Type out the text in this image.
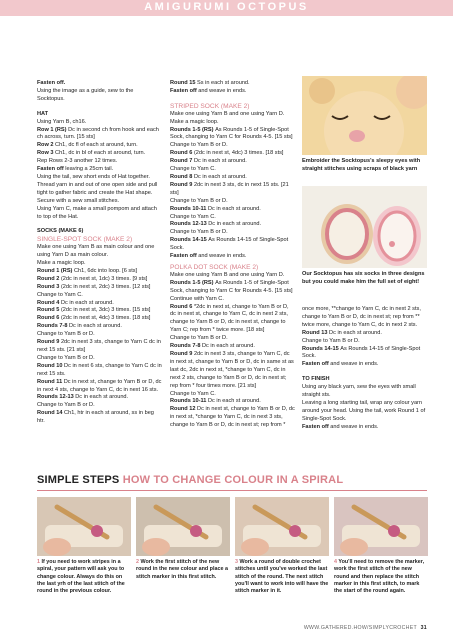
AMIGURUMI OCTOPUS

Fasten off.

Using the image as a guide, sew to the Socktopus.

HAT

Using Yarn B, ch16.

Row 1 (RS) Dc in second ch from hook and each ch across, turn. [15 sts]

Row 2 Ch1, dc fl of each st around, turn.

Row 3 Ch1, dc in bl of each st around, turn.

Rep Rows 2-3 another 12 times.

Fasten off leaving a 25cm tail.

Using the tail, sew short ends of Hat together. Thread yarn in and out of one open side and pull tight to gather fabric and create the Hat shape. Secure with a sew small stitches.

Using Yarn C, make a small pompom and attach to top of the Hat.

SOCKS (MAKE 6)

SINGLE-SPOT SOCK (MAKE 2)

Make one using Yarn B as main colour and one using Yarn D as main colour.

Make a magic loop.

Round 1 (RS) Ch1, 6dc into loop. [6 sts]

Round 2 (2dc in next st, 1dc) 3 times. [9 sts]

Round 3 (2dc in next st, 2dc) 3 times. [12 sts]

Change to Yarn C.

Round 4 Dc in each st around.

Round 5 (2dc in next st, 3dc) 3 times. [15 sts]

Round 6 (2dc in next st, 4dc) 3 times. [18 sts]

Rounds 7-8 Dc in each st around.

Change to Yarn B or D.

Round 9 2dc in next 3 sts, change to Yarn C dc in next 15 sts. [21 sts]

Change to Yarn B or D.

Round 10 Dc in next 6 sts, change to Yarn C dc in next 15 sts.

Round 11 Dc in next st, change to Yarn B or D, dc in next 4 sts, change to Yarn C, dc in next 16 sts.

Rounds 12-13 Dc in each st around.

Change to Yarn B or D.

Round 14 Ch1, htr in each st around, ss in beg htr.

Round 15 Ss in each st around.

Fasten off and weave in ends.

STRIPED SOCK (MAKE 2)

Make one using Yarn B and one using Yarn D.

Make a magic loop.

Rounds 1-5 (RS) As Rounds 1-5 of Single-Spot Sock, changing to Yarn C for Rounds 4-5. [15 sts]

Change to Yarn B or D.

Round 6 (2dc in next st, 4dc) 3 times. [18 sts]

Round 7 Dc in each st around.

Change to Yarn C.

Round 8 Dc in each st around.

Round 9 2dc in next 3 sts, dc in next 15 sts. [21 sts]

Change to Yarn B or D.

Rounds 10-11 Dc in each st around.

Change to Yarn C.

Rounds 12-13 Dc in each st around.

Change to Yarn B or D.

Rounds 14-15 As Rounds 14-15 of Single-Spot Sock.

Fasten off and weave in ends.

POLKA DOT SOCK (MAKE 2)

Make one using Yarn B and one using Yarn D.

Rounds 1-5 (RS) As Rounds 1-5 of Single-Spot Sock, changing to Yarn C for Rounds 4-5. [15 sts] Continue with Yarn C.

Round 6 *2dc in next st, change to Yarn B or D, dc in next st, change to Yarn C, dc in next 2 sts, change to Yarn B or D, dc in next st, change to Yarn C; rep from * twice more. [18 sts]

Change to Yarn B or D.

Rounds 7-8 Dc in each st around.

Round 9 2dc in next 3 sts, change to Yarn C, dc in next st, change to Yarn B or D, dc in same st as last dc, 2dc in next st, *change to Yarn C, dc in next 2 sts, change to Yarn B or D, dc in next st; rep from * four times more. [21 sts]

Change to Yarn C.

Rounds 10-11 Dc in each st around.

Round 12 Dc in next st, change to Yarn B or D, dc in next st, *change to Yarn C, dc in next 3 sts, change to Yarn B or D, dc in next st; rep from *

once more, **change to Yarn C, dc in next 2 sts, change to Yarn B or D, dc in next st; rep from ** twice more, change to Yarn C, dc in next 2 sts.

Round 13 Dc in each st around.

Change to Yarn B or D.

Rounds 14-15 As Rounds 14-15 of Single-Spot Sock.

Fasten off and weave in ends.

TO FINISH

Using any black yarn, sew the eyes with small straight sts.

Leaving a long starting tail, wrap any colour yarn around your head. Using the tail, work Round 1 of Single-Spot Sock.

Fasten off and weave in ends.

Embroider the Socktopus's sleepy eyes with straight stitches using scraps of black yarn
Our Socktopus has six socks in three designs but you could make him the full set of eight!
SIMPLE STEPS HOW TO CHANGE COLOUR IN A SPIRAL
1 If you need to work stripes in a spiral, your pattern will ask you to change colour. Always do this on the last yrh of the last stitch of the round in the previous colour.
2 Work the first stitch of the new round in the new colour and place a stitch marker in this first stitch.
3 Work a round of double crochet stitches until you've worked the last stitch of the round. The next stitch you'll want to work into will have the stitch marker in it.
4 You'll need to remove the marker, work the first stitch of the new round and then replace the stitch marker in this first stitch, to mark the start of the round again.
WWW.GATHERED.HOW/SIMPLYCROCHET 31
